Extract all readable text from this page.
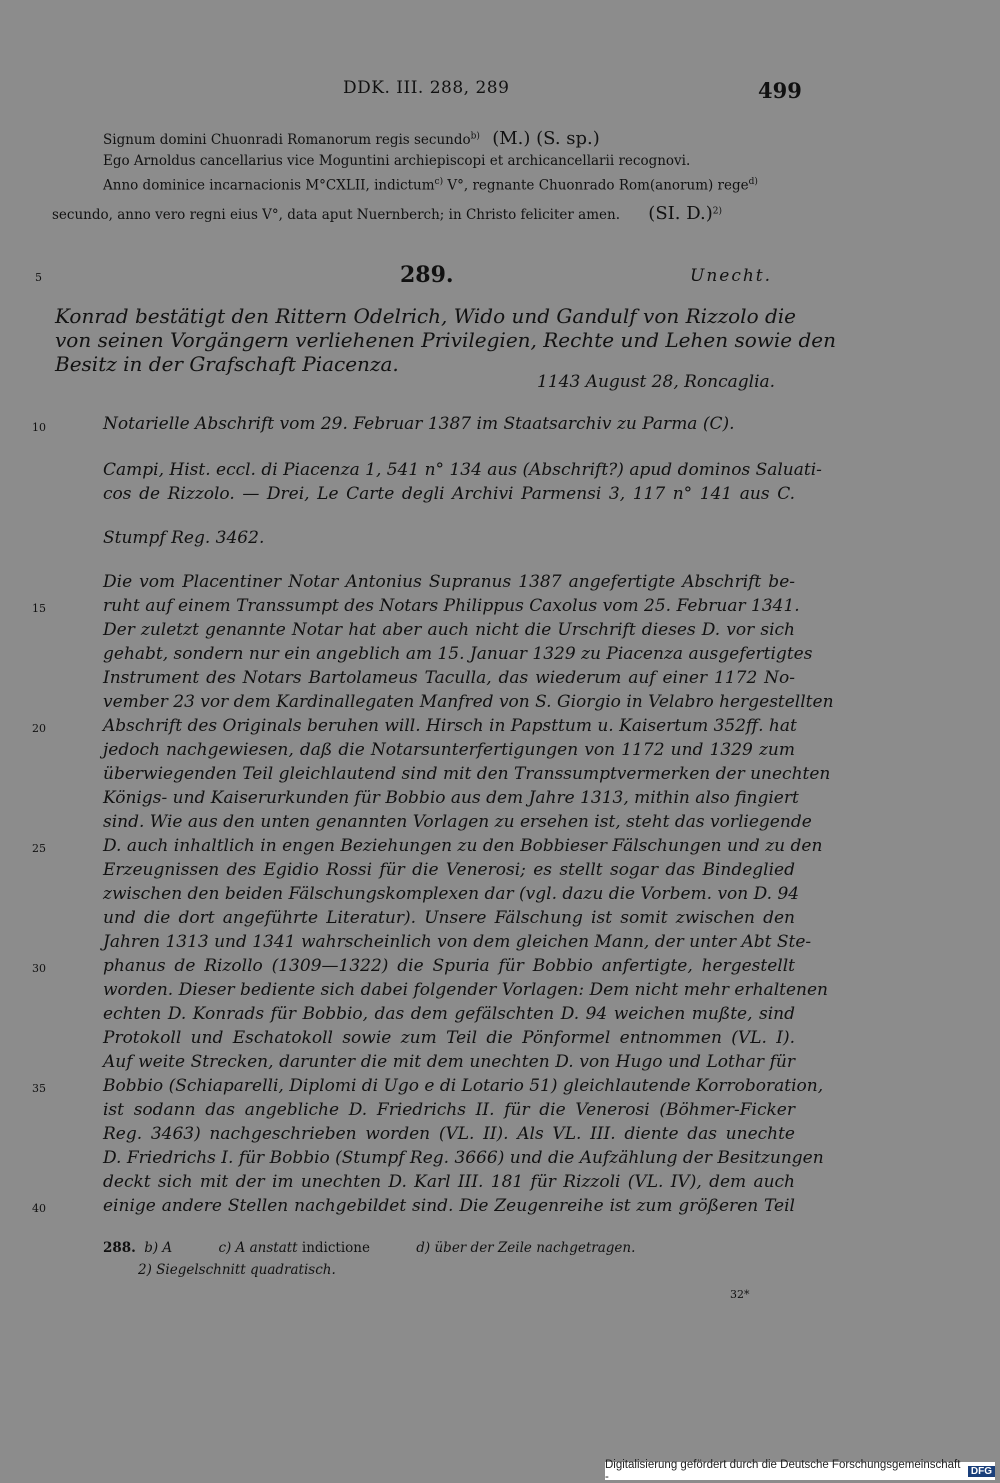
DDK. III. 288, 289	499
Signum domini Chuonradi Romanorum regis secundo$^{b)}$ (M.) (S. sp.)
Ego Arnoldus cancellarius vice Moguntini archiepiscopi et archicancellarii recognovi.
Anno dominice incarnacionis M°CXLII, indictum$^{c)}$ V°, regnante Chuonrado Rom(anorum) rege$^{d)}$
secundo, anno vero regni eius V°, data aput Nuernberch; in Christo feliciter amen. (SI. D.)$^{2)}$
5	289.	Unecht.
Konrad bestätigt den Rittern Odelrich, Wido und Gandulf von Rizzolo die
von seinen Vorgängern verliehenen Privilegien, Rechte und Lehen sowie den
Besitz in der Grafschaft Piacenza.
1143 August 28, Roncaglia.
10	Notarielle Abschrift vom 29. Februar 1387 im Staatsarchiv zu Parma (C).
Campi, Hist. eccl. di Piacenza 1, 541 n° 134 aus (Abschrift?) apud dominos Saluati-
cos de Rizzolo. — Drei, Le Carte degli Archivi Parmensi 3, 117 n° 141 aus C.
Stumpf Reg. 3462.
Die vom Placentiner Notar Antonius Supranus 1387 angefertigte Abschrift be-
ruht auf einem Transsumpt des Notars Philippus Caxolus vom 25. Februar 1341.
Der zuletzt genannte Notar hat aber auch nicht die Urschrift dieses D. vor sich
gehabt, sondern nur ein angeblich am 15. Januar 1329 zu Piacenza ausgefertigtes
Instrument des Notars Bartolameus Taculla, das wiederum auf einer 1172 No-
vember 23 vor dem Kardinallegaten Manfred von S. Giorgio in Velabro hergestellten
Abschrift des Originals beruhen will. Hirsch in Papsttum u. Kaisertum 352ff. hat
jedoch nachgewiesen, daß die Notarsunterfertigungen von 1172 und 1329 zum
überwiegenden Teil gleichlautend sind mit den Transsumptvermerken der unechten
Königs- und Kaiserurkunden für Bobbio aus dem Jahre 1313, mithin also fingiert
sind. Wie aus den unten genannten Vorlagen zu ersehen ist, steht das vorliegende
D. auch inhaltlich in engen Beziehungen zu den Bobbieser Fälschungen und zu den
Erzeugnissen des Egidio Rossi für die Venerosi; es stellt sogar das Bindeglied
zwischen den beiden Fälschungskomplexen dar (vgl. dazu die Vorbem. von D. 94
und die dort angeführte Literatur). Unsere Fälschung ist somit zwischen den
Jahren 1313 und 1341 wahrscheinlich von dem gleichen Mann, der unter Abt Ste-
phanus de Rizollo (1309—1322) die Spuria für Bobbio anfertigte, hergestellt
worden. Dieser bediente sich dabei folgender Vorlagen: Dem nicht mehr erhaltenen
echten D. Konrads für Bobbio, das dem gefälschten D. 94 weichen mußte, sind
Protokoll und Eschatokoll sowie zum Teil die Pönformel entnommen (VL. I).
Auf weite Strecken, darunter die mit dem unechten D. von Hugo und Lothar für
Bobbio (Schiaparelli, Diplomi di Ugo e di Lotario 51) gleichlautende Korroboration,
ist sodann das angebliche D. Friedrichs II. für die Venerosi (Böhmer-Ficker
Reg. 3463) nachgeschrieben worden (VL. II). Als VL. III. diente das unechte
D. Friedrichs I. für Bobbio (Stumpf Reg. 3666) und die Aufzählung der Besitzungen
deckt sich mit der im unechten D. Karl III. 181 für Rizzoli (VL. IV), dem auch
einige andere Stellen nachgebildet sind. Die Zeugenreihe ist zum größeren Teil
15
20
25
30
35
40
288. b) A	c) A anstatt indictione	d) über der Zeile nachgetragen.
2) Siegelschnitt quadratisch.
32*
Digitalisierung gefördert durch die Deutsche Forschungsgemeinschaft -	DFG
